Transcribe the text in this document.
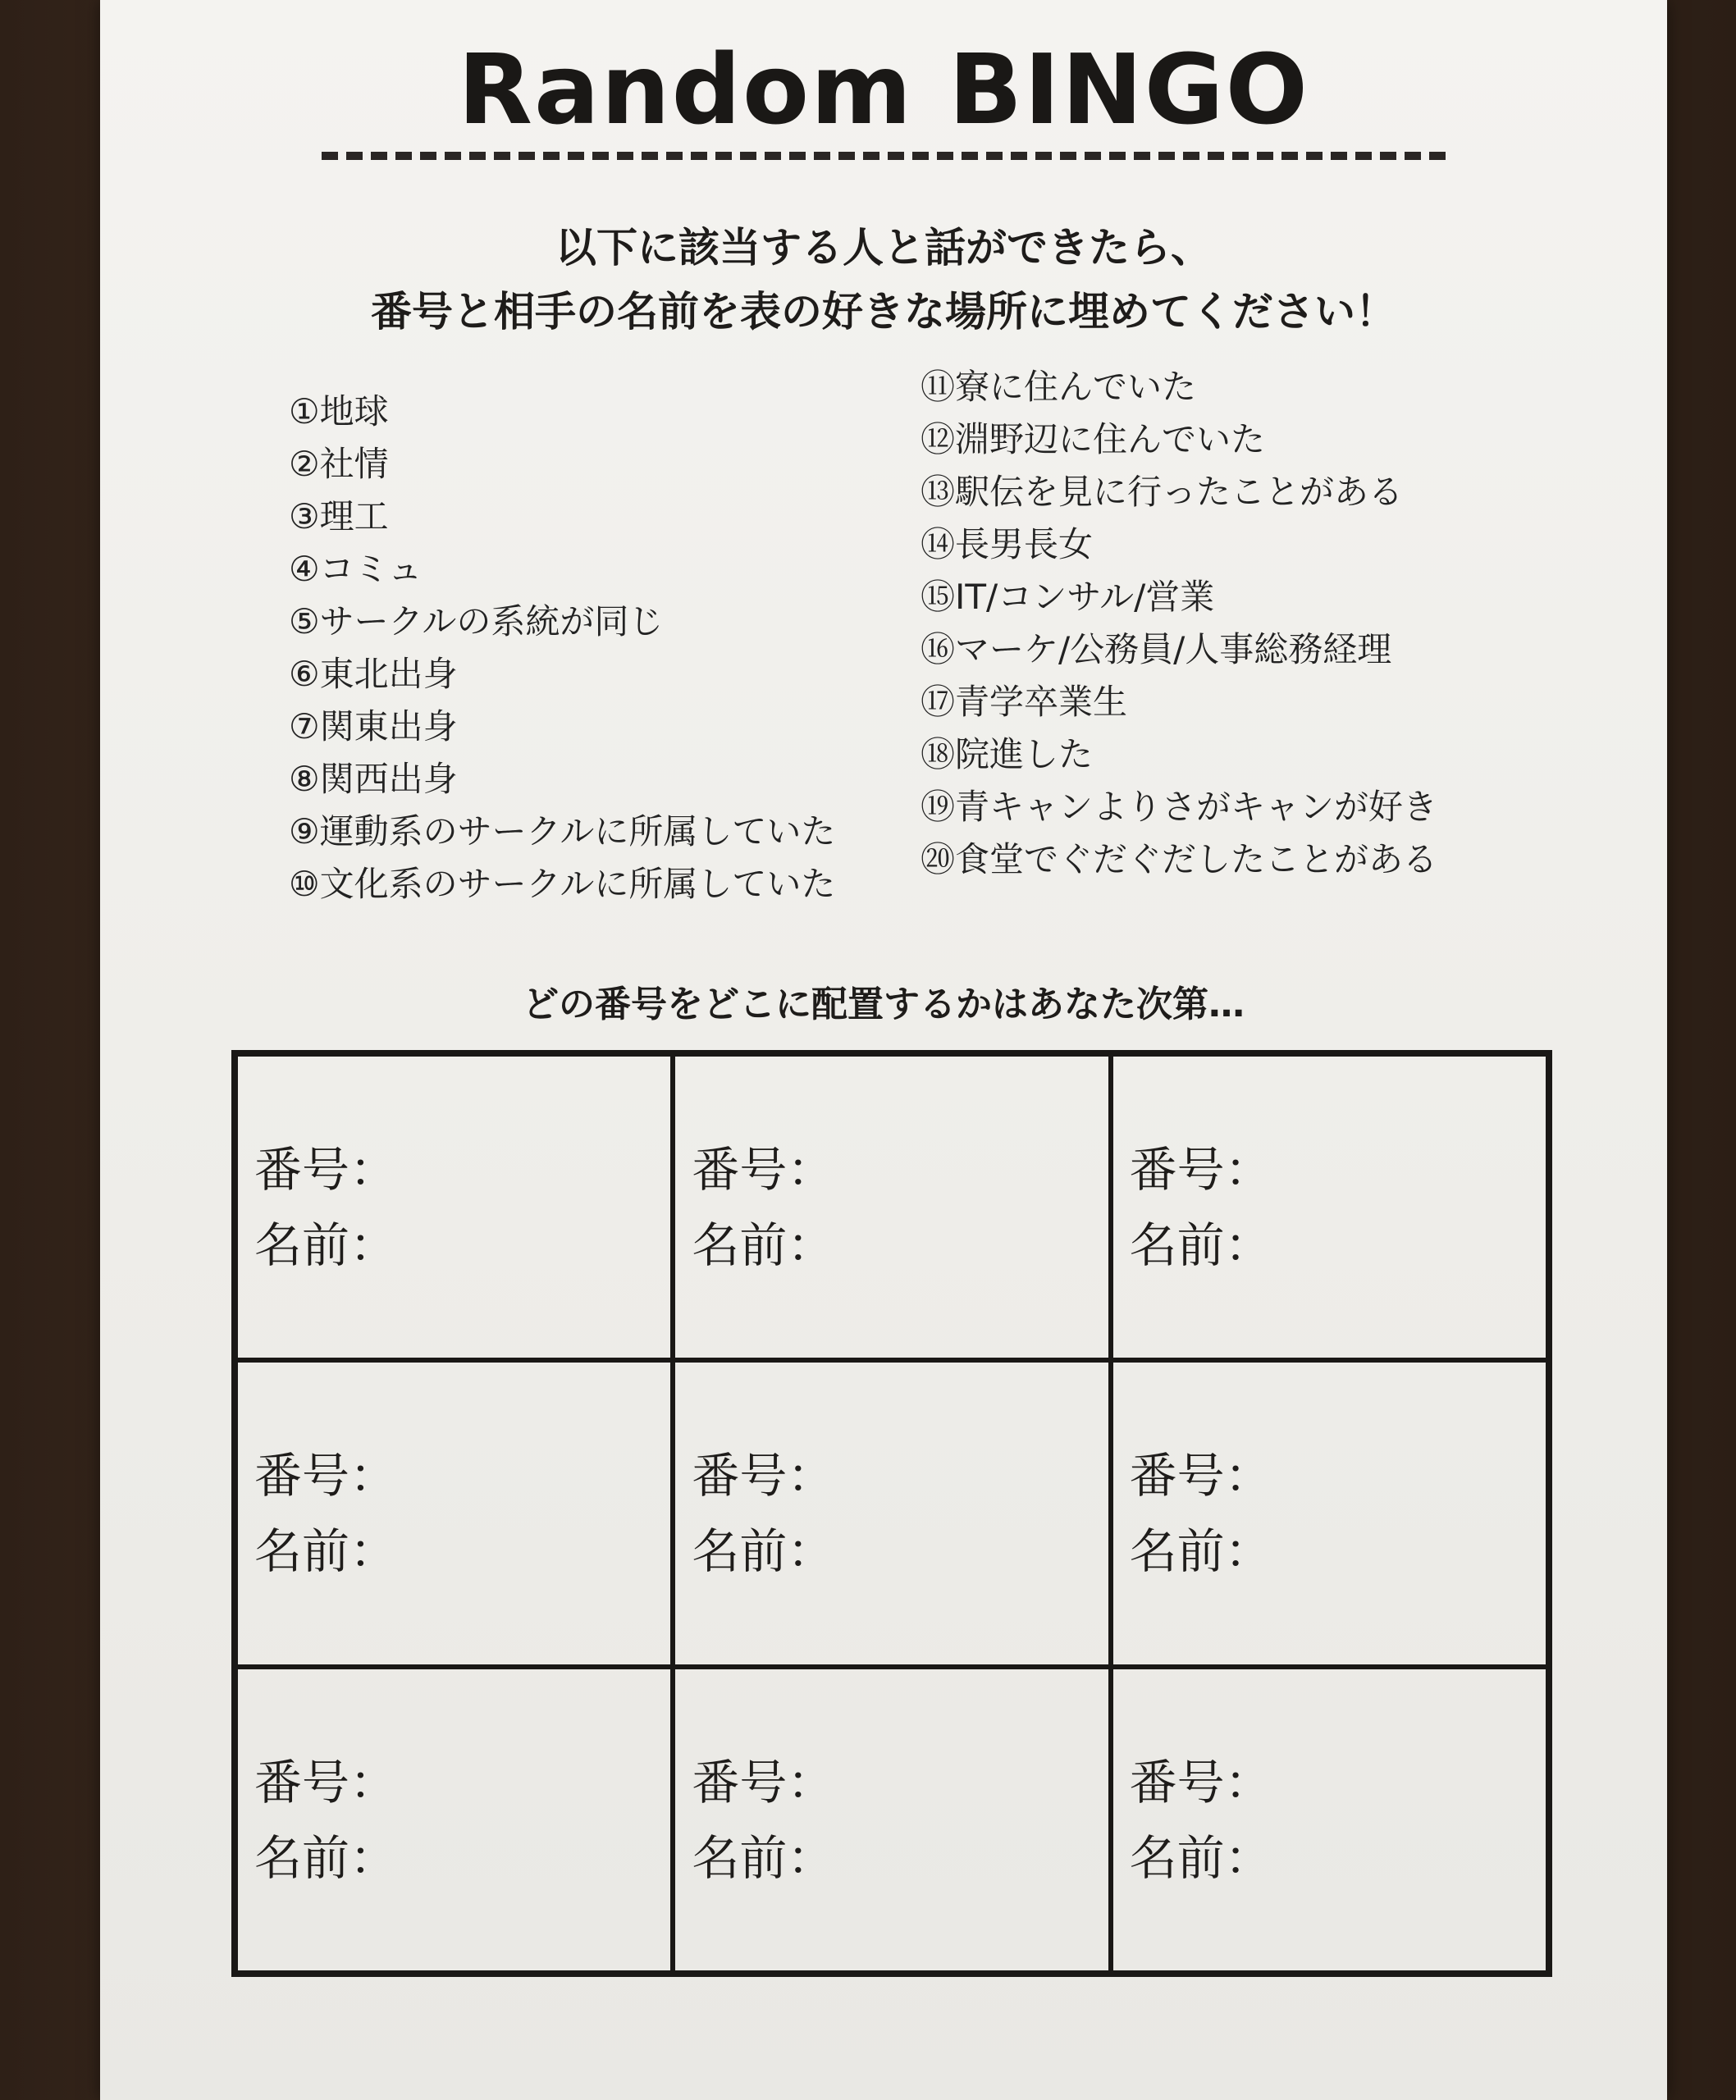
Random BINGO
以下に該当する人と話ができたら、
番号と相手の名前を表の好きな場所に埋めてください！
①地球
②社情
③理工
④コミュ
⑤サークルの系統が同じ
⑥東北出身
⑦関東出身
⑧関西出身
⑨運動系のサークルに所属していた
⑩文化系のサークルに所属していた
⑪寮に住んでいた
⑫淵野辺に住んでいた
⑬駅伝を見に行ったことがある
⑭長男長女
⑮IT/コンサル/営業
⑯マーケ/公務員/人事総務経理
⑰青学卒業生
⑱院進した
⑲青キャンよりさがキャンが好き
⑳食堂でぐだぐだしたことがある
どの番号をどこに配置するかはあなた次第…
番号：
名前：
番号：
名前：
番号：
名前：
番号：
名前：
番号：
名前：
番号：
名前：
番号：
名前：
番号：
名前：
番号：
名前：
